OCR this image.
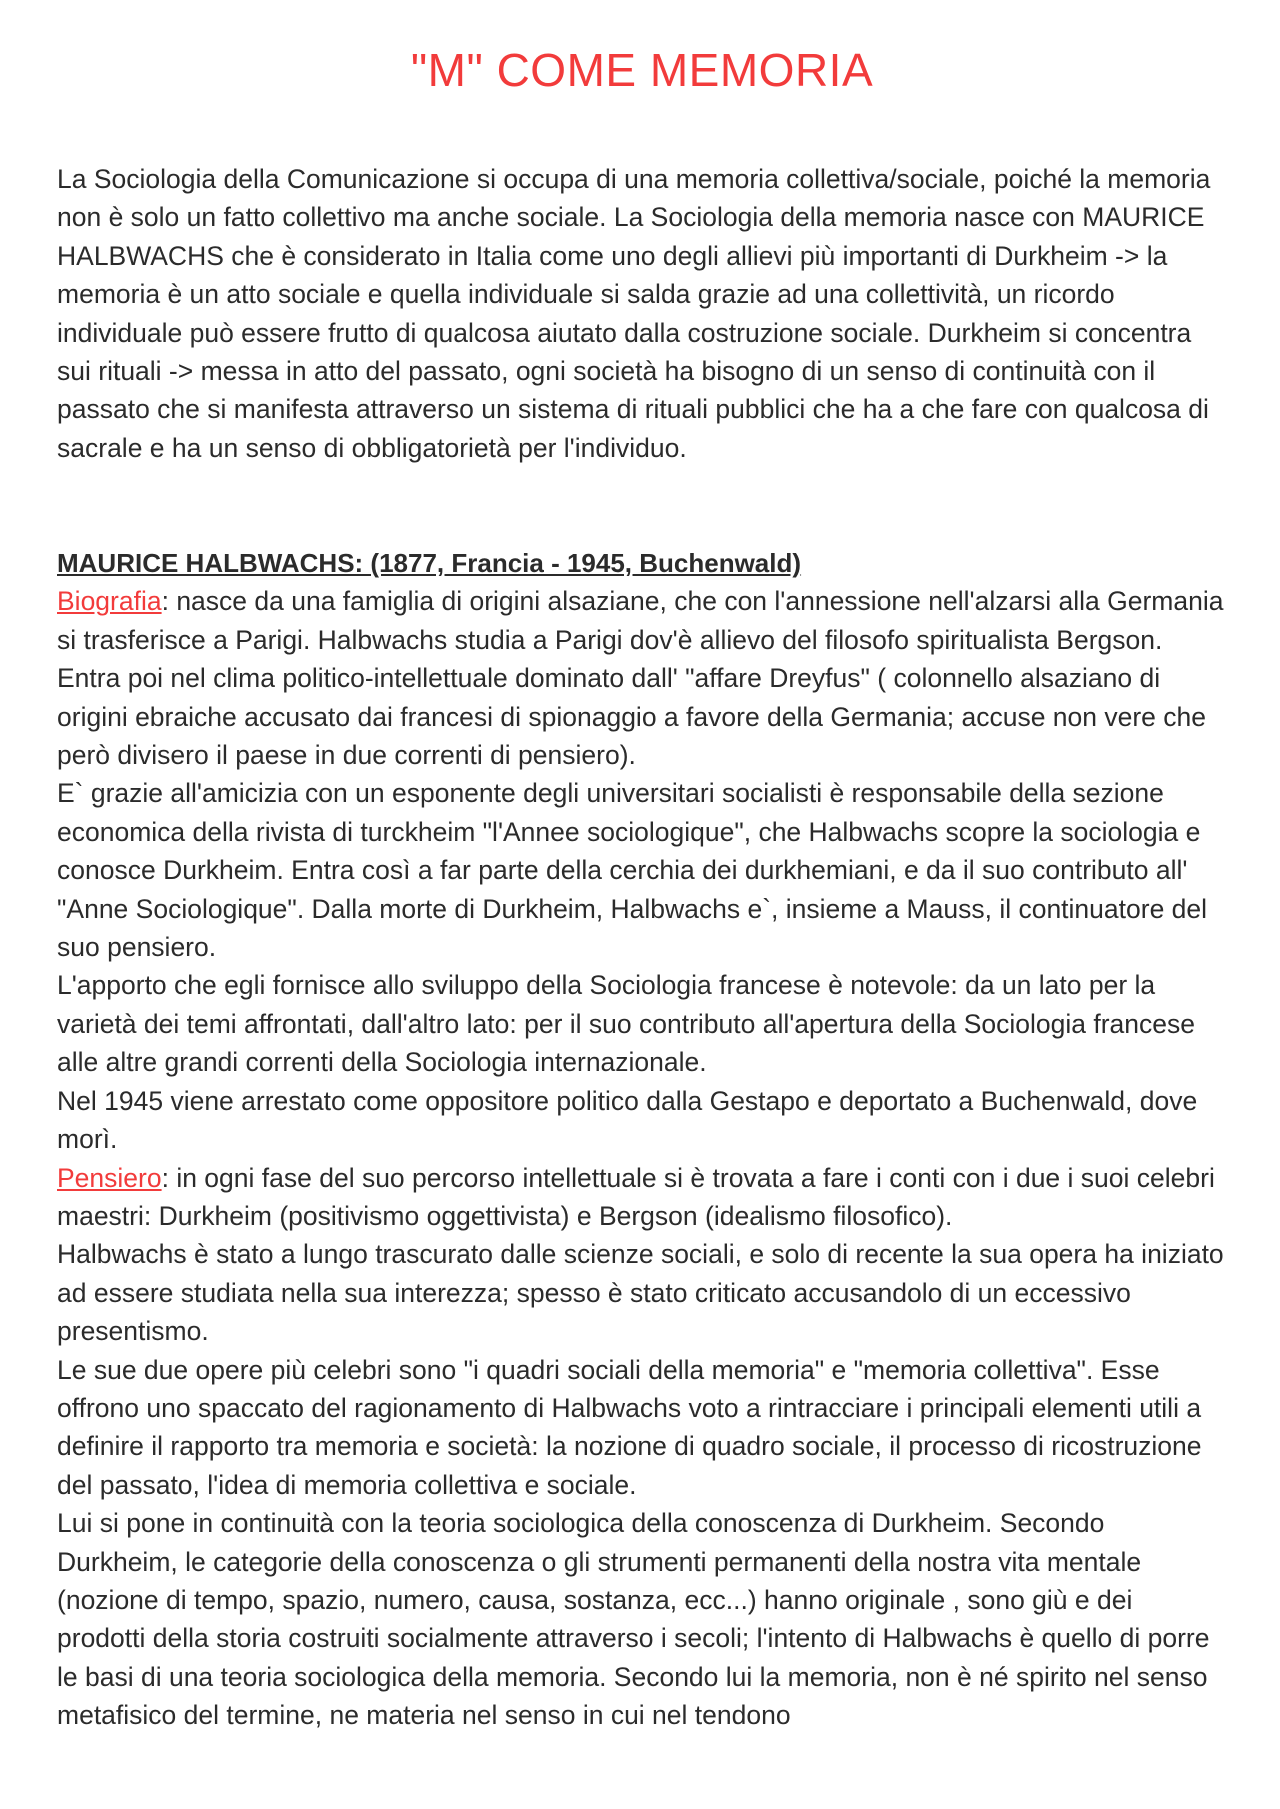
"M" COME MEMORIA

La Sociologia della Comunicazione si occupa di una memoria collettiva/sociale, poiché la memoria non è solo un fatto collettivo ma anche sociale. La Sociologia della memoria nasce con MAURICE HALBWACHS che è considerato in Italia come uno degli allievi più importanti di Durkheim -> la memoria è un atto sociale e quella individuale si salda grazie ad una collettività, un ricordo individuale può essere frutto di qualcosa aiutato dalla costruzione sociale. Durkheim si concentra sui rituali -> messa in atto del passato, ogni società ha bisogno di un senso di continuità con il passato che si manifesta attraverso un sistema di rituali pubblici che ha a che fare con qualcosa di sacrale e ha un senso di obbligatorietà per l'individuo.

MAURICE HALBWACHS: (1877, Francia - 1945, Buchenwald)

Biografia: nasce da una famiglia di origini alsaziane, che con l'annessione nell'alzarsi alla Germania si trasferisce a Parigi. Halbwachs studia a Parigi dov'è allievo del filosofo spiritualista Bergson.

Entra poi nel clima politico-intellettuale dominato dall' "affare Dreyfus" ( colonnello alsaziano di origini ebraiche accusato dai francesi di spionaggio a favore della Germania; accuse non vere che però divisero il paese in due correnti di pensiero).

E` grazie all'amicizia con un esponente degli universitari socialisti è responsabile della sezione economica della rivista di turckheim "l'Annee sociologique", che Halbwachs scopre la sociologia e conosce Durkheim. Entra così a far parte della cerchia dei durkhemiani, e da il suo contributo all' "Anne Sociologique". Dalla morte di Durkheim, Halbwachs e`, insieme a Mauss, il continuatore del suo pensiero.

L'apporto che egli fornisce allo sviluppo della Sociologia francese è notevole: da un lato per la varietà dei temi affrontati, dall'altro lato: per il suo contributo all'apertura della Sociologia francese alle altre grandi correnti della Sociologia internazionale.

Nel 1945 viene arrestato come oppositore politico dalla Gestapo e deportato a Buchenwald, dove morì.

Pensiero: in ogni fase del suo percorso intellettuale si è trovata a fare i conti con i due i suoi celebri maestri: Durkheim (positivismo oggettivista) e Bergson (idealismo filosofico).

Halbwachs è stato a lungo trascurato dalle scienze sociali, e solo di recente la sua opera ha iniziato ad essere studiata nella sua interezza; spesso è stato criticato accusandolo di un eccessivo presentismo.

Le sue due opere più celebri sono "i quadri sociali della memoria" e "memoria collettiva". Esse offrono uno spaccato del ragionamento di Halbwachs voto a rintracciare i principali elementi utili a definire il rapporto tra memoria e società: la nozione di quadro sociale, il processo di ricostruzione del passato, l'idea di memoria collettiva e sociale.

Lui si pone in continuità con la teoria sociologica della conoscenza di Durkheim. Secondo Durkheim, le categorie della conoscenza o gli strumenti permanenti della nostra vita mentale (nozione di tempo, spazio, numero, causa, sostanza, ecc...) hanno originale , sono giù e dei prodotti della storia costruiti socialmente attraverso i secoli; l'intento di Halbwachs è quello di porre le basi di una teoria sociologica della memoria. Secondo lui la memoria, non è né spirito nel senso metafisico del termine, ne materia nel senso in cui nel tendono
